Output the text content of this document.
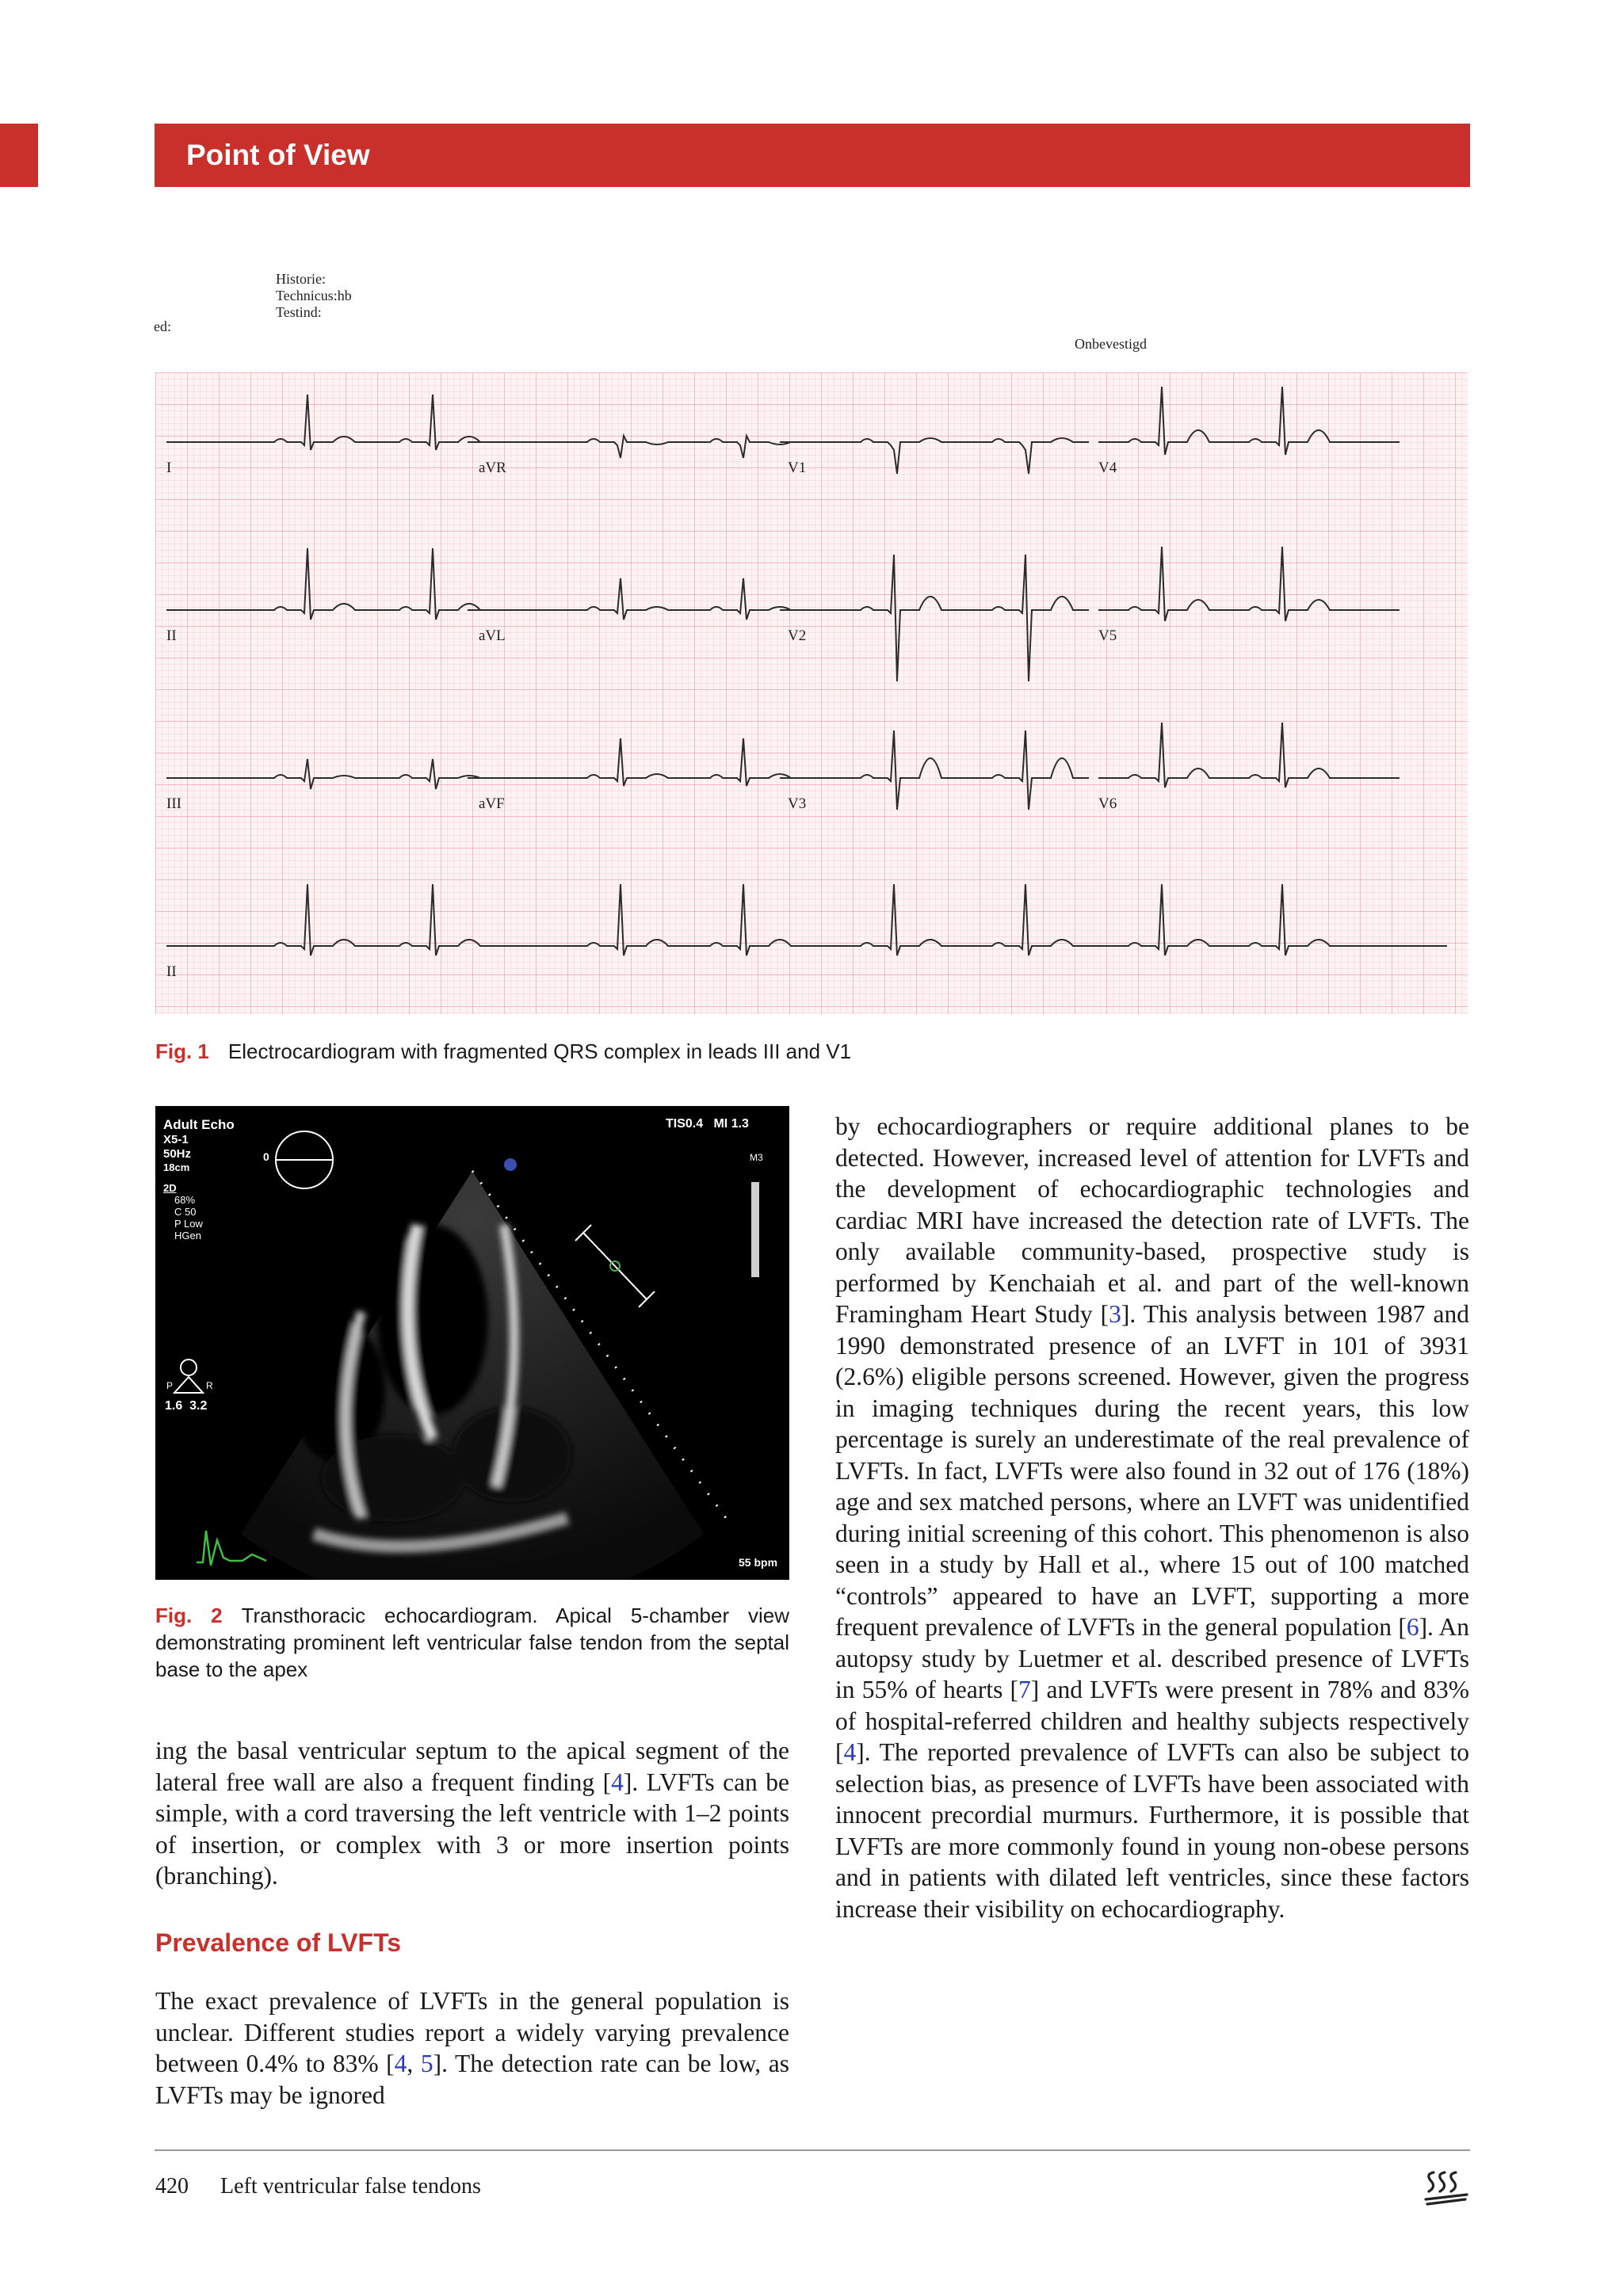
Point of View
Historie:
Technicus:hb
Testind:
ed:
Onbevestigd
I	aVR	V1	V4
II	aVL	V2	V5
III	aVF	V3	V6
II
Fig. 1 Electrocardiogram with fragmented QRS complex in leads III and V1
Adult Echo
X5-1
50Hz
18cm
2D
68%
C 50
P Low
HGen
TIS0.4   MI 1.3
M3
0
P	R
1.6  3.2
55 bpm
Fig. 2 Transthoracic echocardiogram. Apical 5-chamber view demonstrating prominent left ventricular false tendon from the septal base to the apex

ing the basal ventricular septum to the apical segment of the lateral free wall are also a frequent finding [4]. LVFTs can be simple, with a cord traversing the left ventricle with 1–2 points of insertion, or complex with 3 or more insertion points (branching).

Prevalence of LVFTs

The exact prevalence of LVFTs in the general population is unclear. Different studies report a widely varying prevalence between 0.4% to 83% [4, 5]. The detection rate can be low, as LVFTs may be ignored

by echocardiographers or require additional planes to be detected. However, increased level of attention for LVFTs and the development of echocardiographic technologies and cardiac MRI have increased the detection rate of LVFTs. The only available community-based, prospective study is performed by Kenchaiah et al. and part of the well-known Framingham Heart Study [3]. This analysis between 1987 and 1990 demonstrated presence of an LVFT in 101 of 3931 (2.6%) eligible persons screened. However, given the progress in imaging techniques during the recent years, this low percentage is surely an underestimate of the real prevalence of LVFTs. In fact, LVFTs were also found in 32 out of 176 (18%) age and sex matched persons, where an LVFT was unidentified during initial screening of this cohort. This phenomenon is also seen in a study by Hall et al., where 15 out of 100 matched “controls” appeared to have an LVFT, supporting a more frequent prevalence of LVFTs in the general population [6]. An autopsy study by Luetmer et al. described presence of LVFTs in 55% of hearts [7] and LVFTs were present in 78% and 83% of hospital-referred children and healthy subjects respectively [4]. The reported prevalence of LVFTs can also be subject to selection bias, as presence of LVFTs have been associated with innocent precordial murmurs. Furthermore, it is possible that LVFTs are more commonly found in young non-obese persons and in patients with dilated left ventricles, since these factors increase their visibility on echocardiography.

420 Left ventricular false tendons
